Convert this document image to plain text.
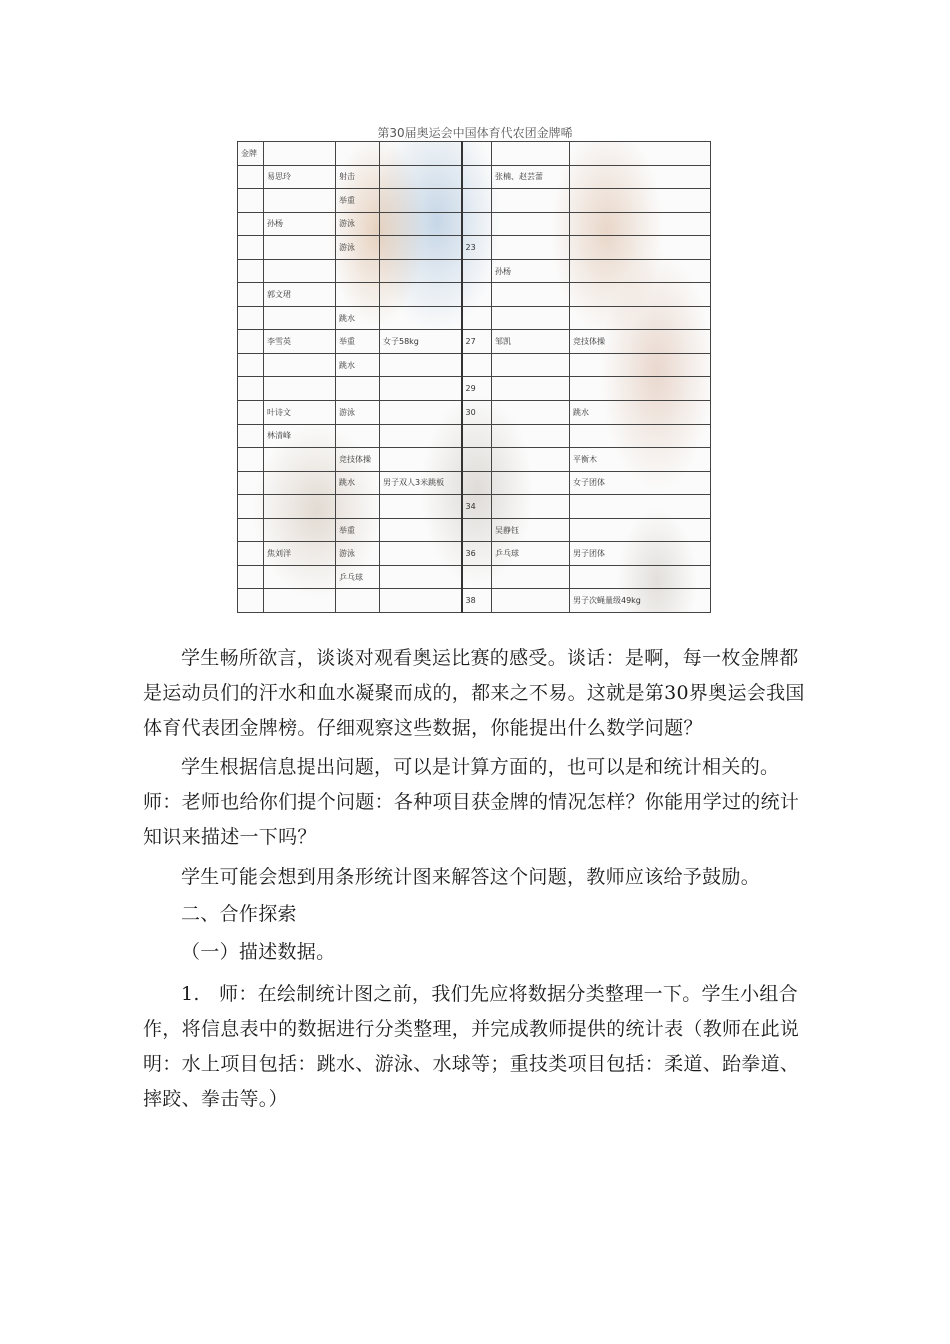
第30届奥运会中国体育代农团金牌唏
金牌						
	易思玲	射击			张楠、赵芸蕾	
		举重				
	孙杨	游泳				
		游泳		23		
					孙杨	
	郭文珺					
		跳水				
	李雪英	举重	女子58kg	27	邹凯	竞技体操
		跳水				
				29		
	叶诗文	游泳		30		跳水
	林清峰					
		竞技体操				平衡木
		跳水	男子双人3米跳板			女子团体
				34		
		举重			吴静钰	
	焦刘洋	游泳		36	乒乓球	男子团体
		乒乓球				
				38		男子次蝇量级49kg

学生畅所欲言，谈谈对观看奥运比赛的感受。谈话：是啊，每一枚金牌都是运动员们的汗水和血水凝聚而成的，都来之不易。这就是第30界奥运会我国体育代表团金牌榜。仔细观察这些数据，你能提出什么数学问题？

学生根据信息提出问题，可以是计算方面的，也可以是和统计相关的。师：老师也给你们提个问题：各种项目获金牌的情况怎样？你能用学过的统计知识来描述一下吗？

学生可能会想到用条形统计图来解答这个问题，教师应该给予鼓励。

二、合作探索

（一）描述数据。

1.　师：在绘制统计图之前，我们先应将数据分类整理一下。学生小组合作，将信息表中的数据进行分类整理，并完成教师提供的统计表（教师在此说明：水上项目包括：跳水、游泳、水球等；重技类项目包括：柔道、跆拳道、摔跤、拳击等。）
